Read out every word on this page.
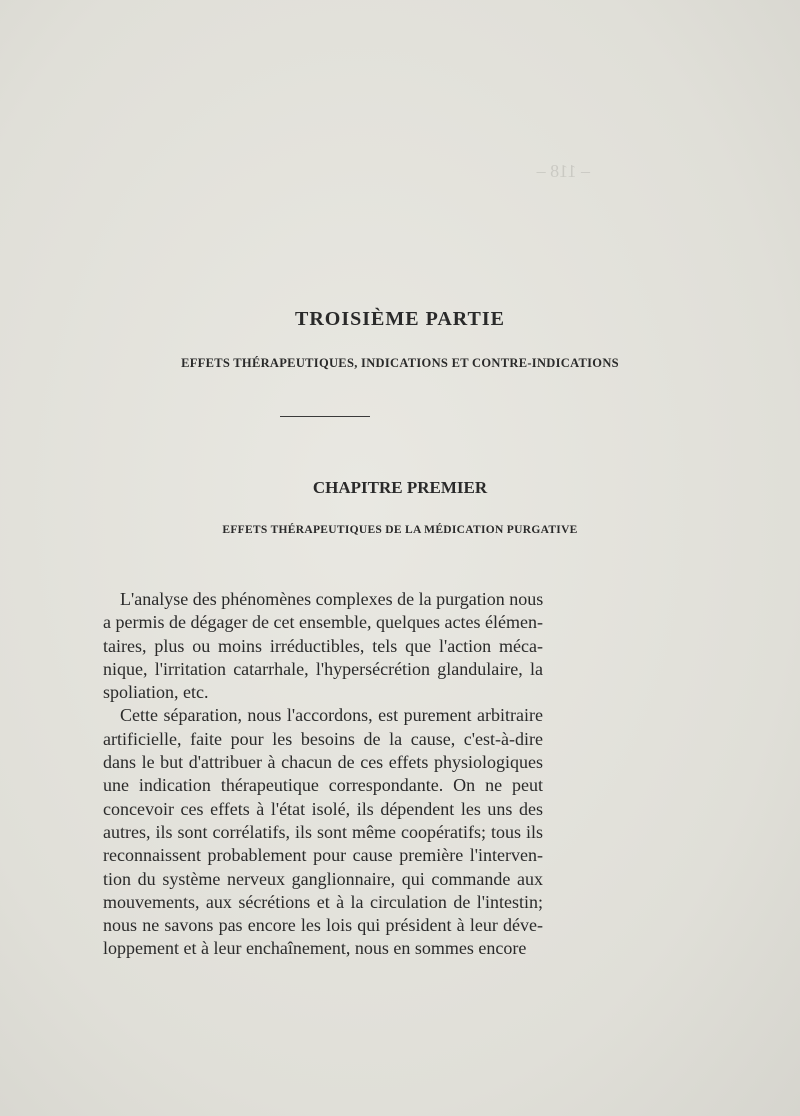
‒ 118 ‒
TROISIÈME PARTIE
EFFETS THÉRAPEUTIQUES, INDICATIONS ET CONTRE-INDICATIONS
CHAPITRE PREMIER
EFFETS THÉRAPEUTIQUES DE LA MÉDICATION PURGATIVE
L'analyse des phénomènes complexes de la purgation nous
a permis de dégager de cet ensemble, quelques actes élémen-
taires, plus ou moins irréductibles, tels que l'action méca-
nique, l'irritation catarrhale, l'hypersécrétion glandulaire, la
spoliation, etc.
Cette séparation, nous l'accordons, est purement arbitraire
artificielle, faite pour les besoins de la cause, c'est-à-dire
dans le but d'attribuer à chacun de ces effets physiologiques
une indication thérapeutique correspondante. On ne peut
concevoir ces effets à l'état isolé, ils dépendent les uns des
autres, ils sont corrélatifs, ils sont même coopératifs; tous ils
reconnaissent probablement pour cause première l'interven-
tion du système nerveux ganglionnaire, qui commande aux
mouvements, aux sécrétions et à la circulation de l'intestin;
nous ne savons pas encore les lois qui président à leur déve-
loppement et à leur enchaînement, nous en sommes encore
